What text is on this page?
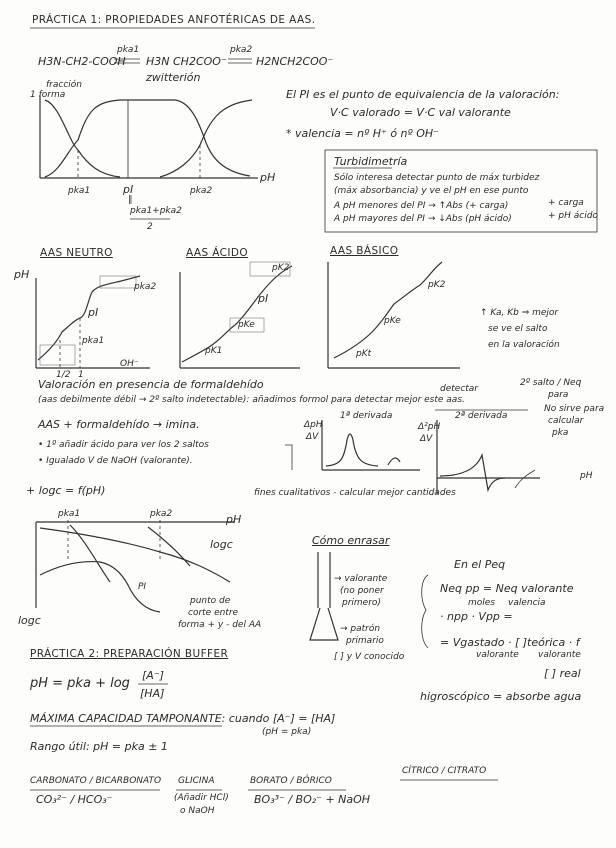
PRÁCTICA 1: PROPIEDADES ANFOTÉRICAS DE AAS.
H3N-CH2-COOH
pka1
H3N CH2COO⁻
zwitterión
pka2
H2NCH2COO⁻
fracción
1 forma
pH
pka1	pI
‖
pka1+pka2
2
pka2
El PI es el punto de equivalencia de la valoración:
V·C valorado = V·C val valorante
* valencia = nº H⁺ ó nº OH⁻
Turbidimetría
Sólo interesa detectar punto de máx turbidez
(máx absorbancia) y ve el pH en ese punto
A pH menores del PI → ↑Abs (+ carga)
A pH mayores del PI → ↓Abs (pH ácido)
+ carga
+ pH ácido
AAS NEUTRO	AAS ÁCIDO	AAS BÁSICO
pH
pka2
pI
pka1
1/2 1
OH⁻
pK2
pI
pKe
pK1
pK2
pKe
pKt
↑ Ka, Kb ⇒ mejor
se ve el salto
en la valoración
Valoración en presencia de formaldehído
(aas debilmente débil → 2º salto indetectable): añadimos formol para detectar mejor este aas.
detectar
AAS + formaldehído → imina.
• 1º añadir ácido para ver los 2 saltos
• Igualado V de NaOH (valorante).
1ª derivada	2ª derivada
ΔpH
ΔV
Δ²pH
ΔV
pH
2º salto / Neq
para
No sirve para
calcular
pka
fines cualitativos - calcular mejor cantidades
+ logc = f(pH)
pka1	pka2	pH
logc
logc
PI
punto de
corte entre
forma + y - del AA
Cómo enrasar
→ valorante
(no poner
primero)
→ patrón
primario
[ ] y V conocido
En el Peq
Neq pp = Neq valorante
moles valencia
· npp · Vpp =
= Vgastado · [ ]teórica · f
valorante valorante
[ ] real
higroscópico = absorbe agua
PRÁCTICA 2: PREPARACIÓN BUFFER
pH = pka + log
[A⁻]
[HA]
MÁXIMA CAPACIDAD TAMPONANTE: cuando [A⁻] = [HA]
(pH = pka)
Rango útil: pH = pka ± 1
CARBONATO / BICARBONATO
CO₃²⁻ / HCO₃⁻
GLICINA
(Añadir HCl)
o NaOH
BORATO / BÓRICO
BO₃³⁻ / BO₂⁻ + NaOH
CÍTRICO / CITRATO
